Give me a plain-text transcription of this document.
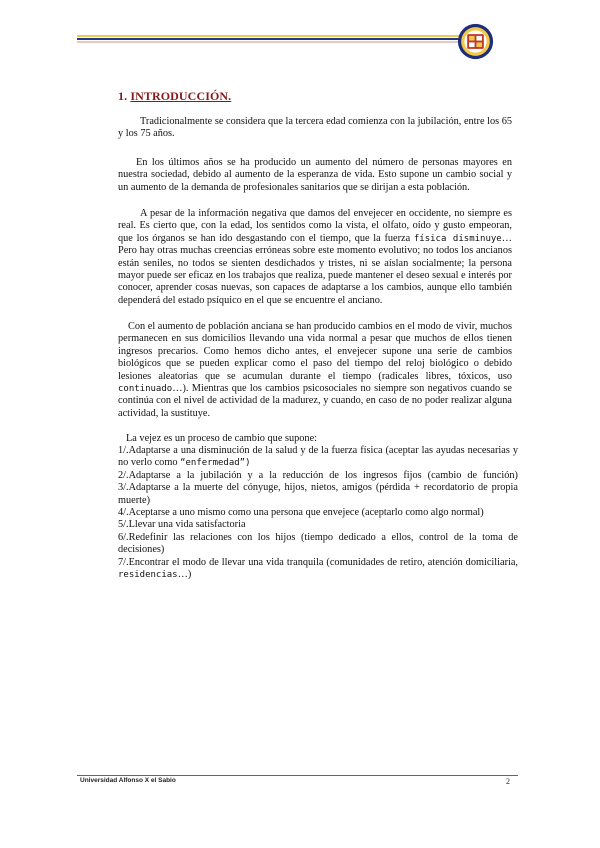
1. INTRODUCCIÓN.

Tradicionalmente se considera que la tercera edad comienza con la jubilación, entre los 65 y los 75 años.

En los últimos años se ha producido un aumento del número de personas mayores en nuestra sociedad, debido al aumento de la esperanza de vida. Esto supone un cambio social y un aumento de la demanda de profesionales sanitarios que se dirijan a esta población.

A pesar de la información negativa que damos del envejecer en occidente, no siempre es real. Es cierto que, con la edad, los sentidos como la vista, el olfato, oído y gusto empeoran, que los órganos se han ido desgastando con el tiempo, que la fuerza física disminuye… Pero hay otras muchas creencias erróneas sobre este momento evolutivo; no todos los ancianos están seniles, no todos se sienten desdichados y tristes, ni se aíslan socialmente; la persona mayor puede ser eficaz en los trabajos que realiza, puede mantener el deseo sexual e interés por conocer, aprender cosas nuevas, son capaces de adaptarse a los cambios, aunque ello también dependerá del estado psíquico en el que se encuentre el anciano.

Con el aumento de población anciana se han producido cambios en el modo de vivir, muchos permanecen en sus domicilios llevando una vida normal a pesar que muchos de ellos tienen ingresos precarios. Como hemos dicho antes, el envejecer supone una serie de cambios biológicos que se pueden explicar como el paso del tiempo del reloj biológico o debido lesiones aleatorias que se acumulan durante el tiempo (radicales libres, tóxicos, uso continuado…). Mientras que los cambios psicosociales no siempre son negativos cuando se continúa con el nivel de actividad de la madurez, y cuando, en caso de no poder realizar alguna actividad, la sustituye.

La vejez es un proceso de cambio que supone:
1/.Adaptarse a una disminución de la salud y de la fuerza física (aceptar las ayudas necesarias y no verlo como “enfermedad”)
2/.Adaptarse a la jubilación y a la reducción de los ingresos fijos (cambio de función) 3/.Adaptarse a la muerte del cónyuge, hijos, nietos, amigos (pérdida + recordatorio de propia muerte)
4/.Aceptarse a uno mismo como una persona que envejece (aceptarlo como algo normal)
5/.Llevar una vida satisfactoria
6/.Redefinir las relaciones con los hijos (tiempo dedicado a ellos, control de la toma de decisiones)
7/.Encontrar el modo de llevar una vida tranquila (comunidades de retiro, atención domiciliaria, residencias…)
Universidad Alfonso X el Sabio	2
